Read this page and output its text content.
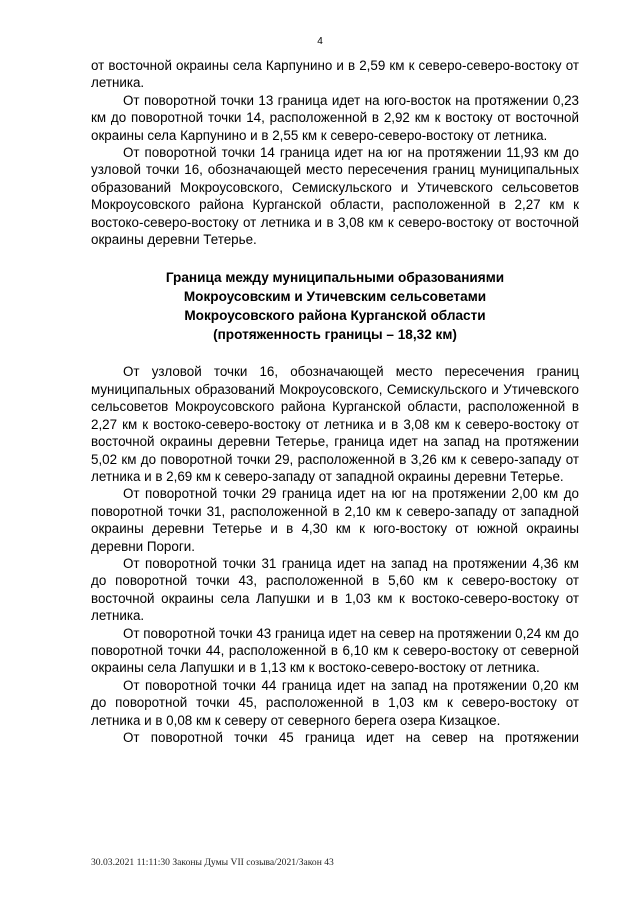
4

от восточной окраины села Карпунино и в 2,59 км к северо-северо-востоку от летника.

От поворотной точки 13 граница идет на юго-восток на протяжении 0,23 км до поворотной точки 14, расположенной в 2,92 км к востоку от восточной окраины села Карпунино и в 2,55 км к северо-северо-востоку от летника.

От поворотной точки 14 граница идет на юг на протяжении 11,93 км до узловой точки 16, обозначающей место пересечения границ муниципальных образований Мокроусовского, Семискульского и Утичевского сельсоветов Мокроусовского района Курганской области, расположенной в 2,27 км к востоко-северо-востоку от летника и в 3,08 км к северо-востоку от восточной окраины деревни Тетерье.

Граница между муниципальными образованиями
Мокроусовским и Утичевским сельсоветами
Мокроусовского района Курганской области
(протяженность границы – 18,32 км)

От узловой точки 16, обозначающей место пересечения границ муниципальных образований Мокроусовского, Семискульского и Утичевского сельсоветов Мокроусовского района Курганской области, расположенной в 2,27 км к востоко-северо-востоку от летника и в 3,08 км к северо-востоку от восточной окраины деревни Тетерье, граница идет на запад на протяжении 5,02 км до поворотной точки 29, расположенной в 3,26 км к северо-западу от летника и в 2,69 км к северо-западу от западной окраины деревни Тетерье.

От поворотной точки 29 граница идет на юг на протяжении 2,00 км до поворотной точки 31, расположенной в 2,10 км к северо-западу от западной окраины деревни Тетерье и в 4,30 км к юго-востоку от южной окраины деревни Пороги.

От поворотной точки 31 граница идет на запад на протяжении 4,36 км до поворотной точки 43, расположенной в 5,60 км к северо-востоку от восточной окраины села Лапушки и в 1,03 км к востоко-северо-востоку от летника.

От поворотной точки 43 граница идет на север на протяжении 0,24 км до поворотной точки 44, расположенной в 6,10 км к северо-востоку от северной окраины села Лапушки и в 1,13 км к востоко-северо-востоку от летника.

От поворотной точки 44 граница идет на запад на протяжении 0,20 км до поворотной точки 45, расположенной в 1,03 км к северо-востоку от летника и в 0,08 км к северу от северного берега озера Кизацкое.

От поворотной точки 45 граница идет на север на протяжении

30.03.2021 11:11:30 Законы Думы VII созыва/2021/Закон 43
